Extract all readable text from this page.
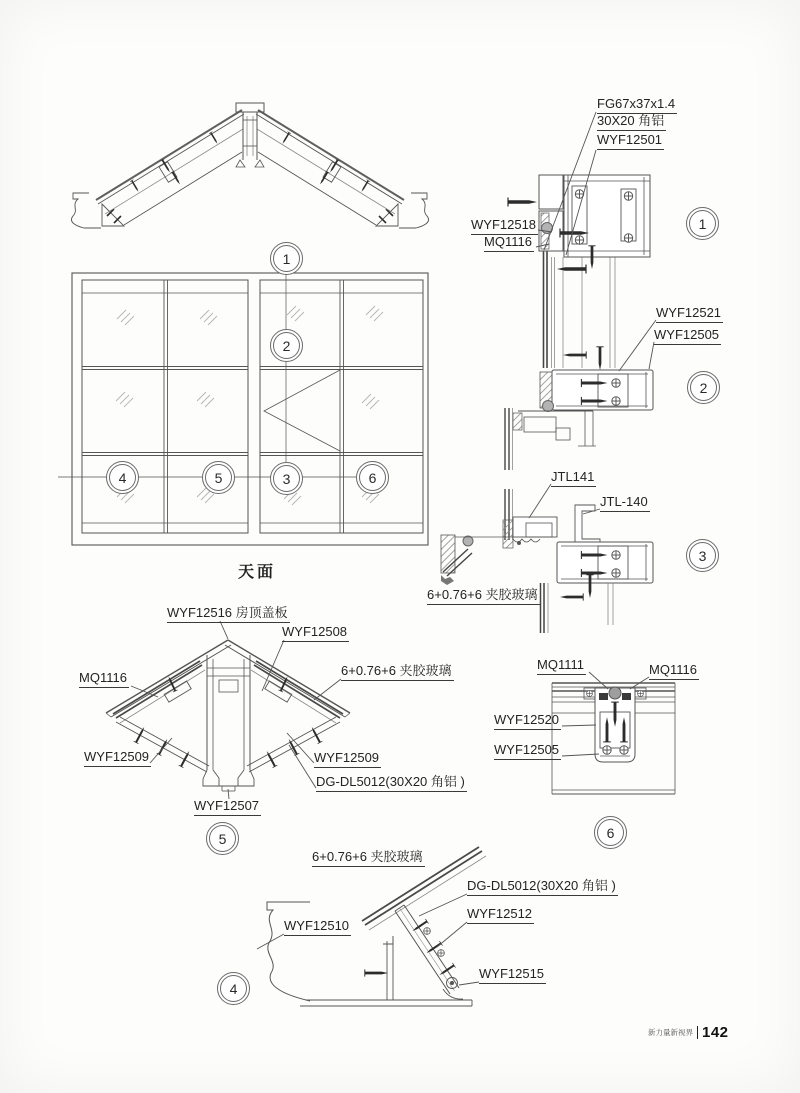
FG67x37x1.4
30X20 角铝
WYF12501
WYF12518
MQ1116
WYF12521
WYF12505
JTL141
JTL-140
6+0.76+6 夹胶玻璃
WYF12516 房顶盖板
WYF12508
MQ1116	6+0.76+6 夹胶玻璃
WYF12509	WYF12509
DG-DL5012(30X20 角铝 )
WYF12507
MQ1111	MQ1116
WYF12520
WYF12505
6+0.76+6 夹胶玻璃
DG-DL5012(30X20 角铝 )
WYF12512
WYF12510
WYF12515
1
2
3
4	5	6
1
2
3
4
5	6
天面
新力量新视界 142
